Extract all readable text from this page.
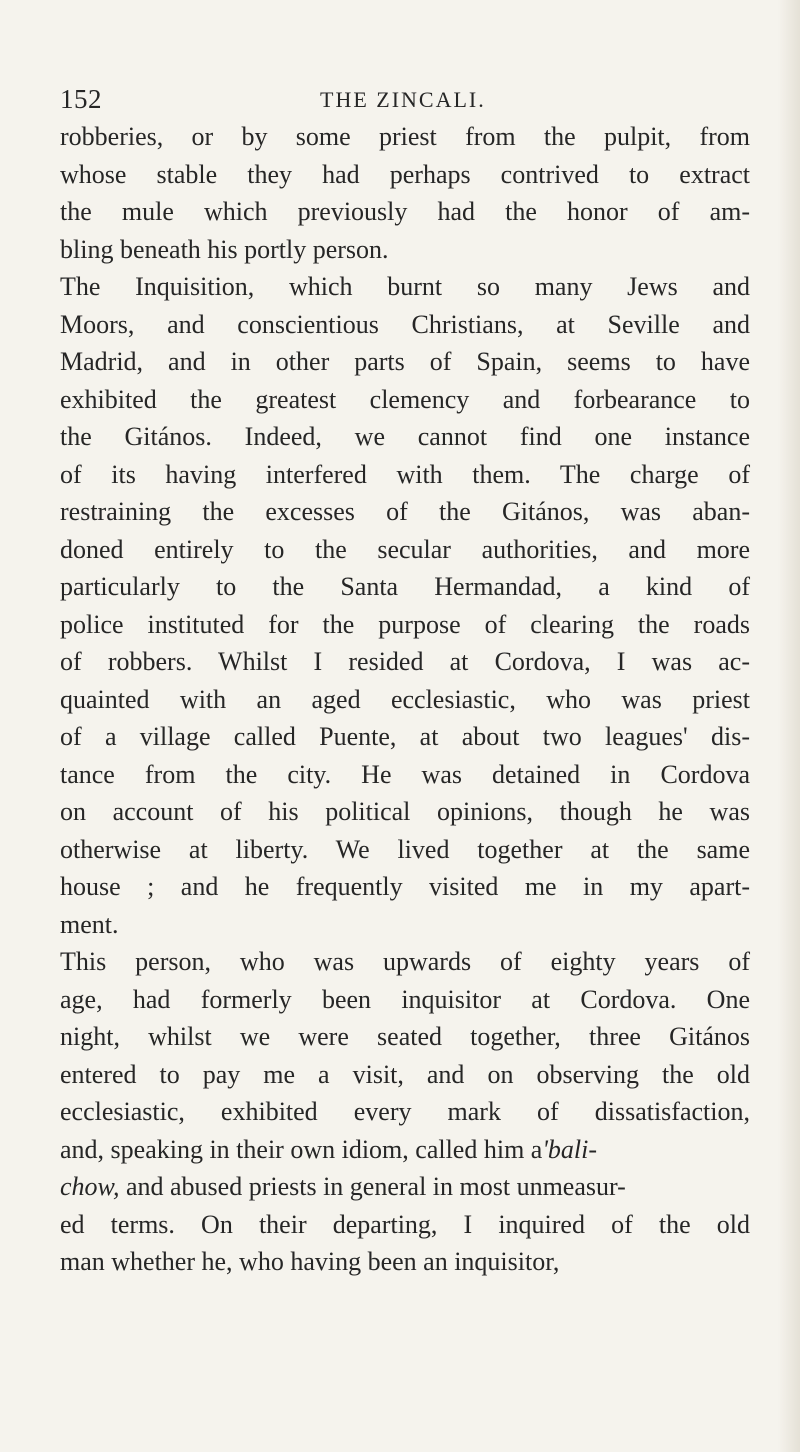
152	THE ZINCALI.
robberies, or by some priest from the pulpit, from
whose stable they had perhaps contrived to extract
the mule which previously had the honor of am-
bling beneath his portly person.
The Inquisition, which burnt so many Jews and
Moors, and conscientious Christians, at Seville and
Madrid, and in other parts of Spain, seems to have
exhibited the greatest clemency and forbearance to
the Gitános. Indeed, we cannot find one instance
of its having interfered with them. The charge of
restraining the excesses of the Gitános, was aban-
doned entirely to the secular authorities, and more
particularly to the Santa Hermandad, a kind of
police instituted for the purpose of clearing the roads
of robbers. Whilst I resided at Cordova, I was ac-
quainted with an aged ecclesiastic, who was priest
of a village called Puente, at about two leagues' dis-
tance from the city. He was detained in Cordova
on account of his political opinions, though he was
otherwise at liberty. We lived together at the same
house ; and he frequently visited me in my apart-
ment.
This person, who was upwards of eighty years of
age, had formerly been inquisitor at Cordova. One
night, whilst we were seated together, three Gitános
entered to pay me a visit, and on observing the old
ecclesiastic, exhibited every mark of dissatisfaction,
and, speaking in their own idiom, called him a'bali-
chow, and abused priests in general in most unmeasur-
ed terms. On their departing, I inquired of the old
man whether he, who having been an inquisitor,
